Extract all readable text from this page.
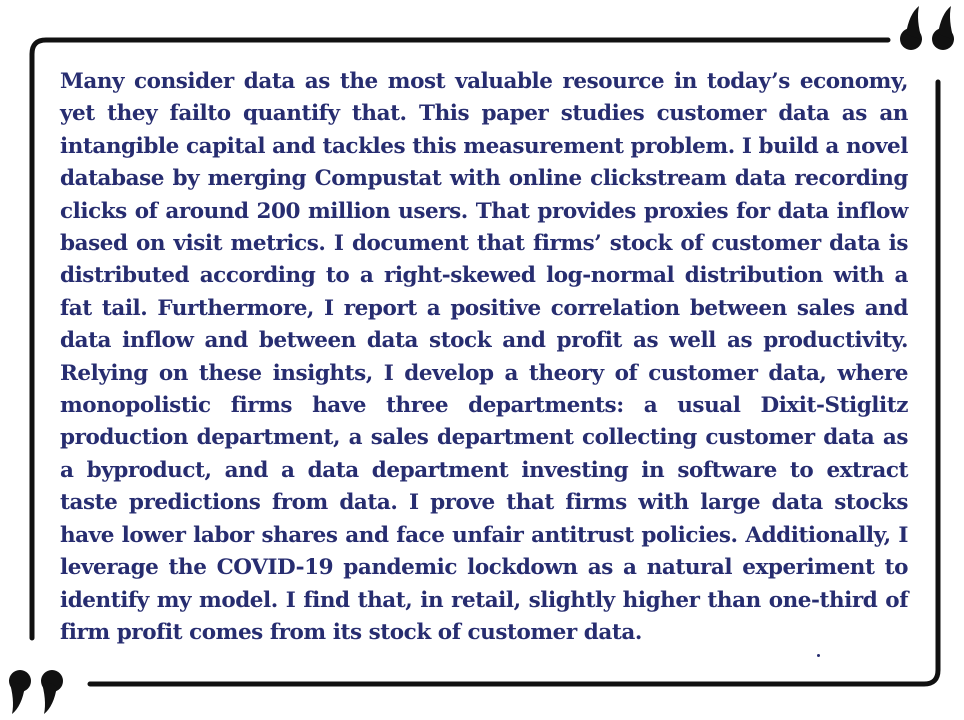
Many consider data as the most valuable resource in today’s economy, yet they failto quantify that. This paper studies customer data as an intangible capital and tackles this measurement problem. I build a novel database by merging Compustat with online clickstream data recording clicks of around 200 million users. That provides proxies for data inflow based on visit metrics. I document that firms’ stock of customer data is distributed according to a right-skewed log-normal distribution with a fat tail. Furthermore, I report a positive correlation between sales and data inflow and between data stock and profit as well as productivity. Relying on these insights, I develop a theory of customer data, where monopolistic firms have three departments: a usual Dixit-Stiglitz production department, a sales department collecting customer data as a byproduct, and a data department investing in software to extract taste predictions from data. I prove that firms with large data stocks have lower labor shares and face unfair antitrust policies. Additionally, I leverage the COVID-19 pandemic lockdown as a natural experiment to identify my model. I find that, in retail, slightly higher than one-third of firm profit comes from its stock of customer data.
